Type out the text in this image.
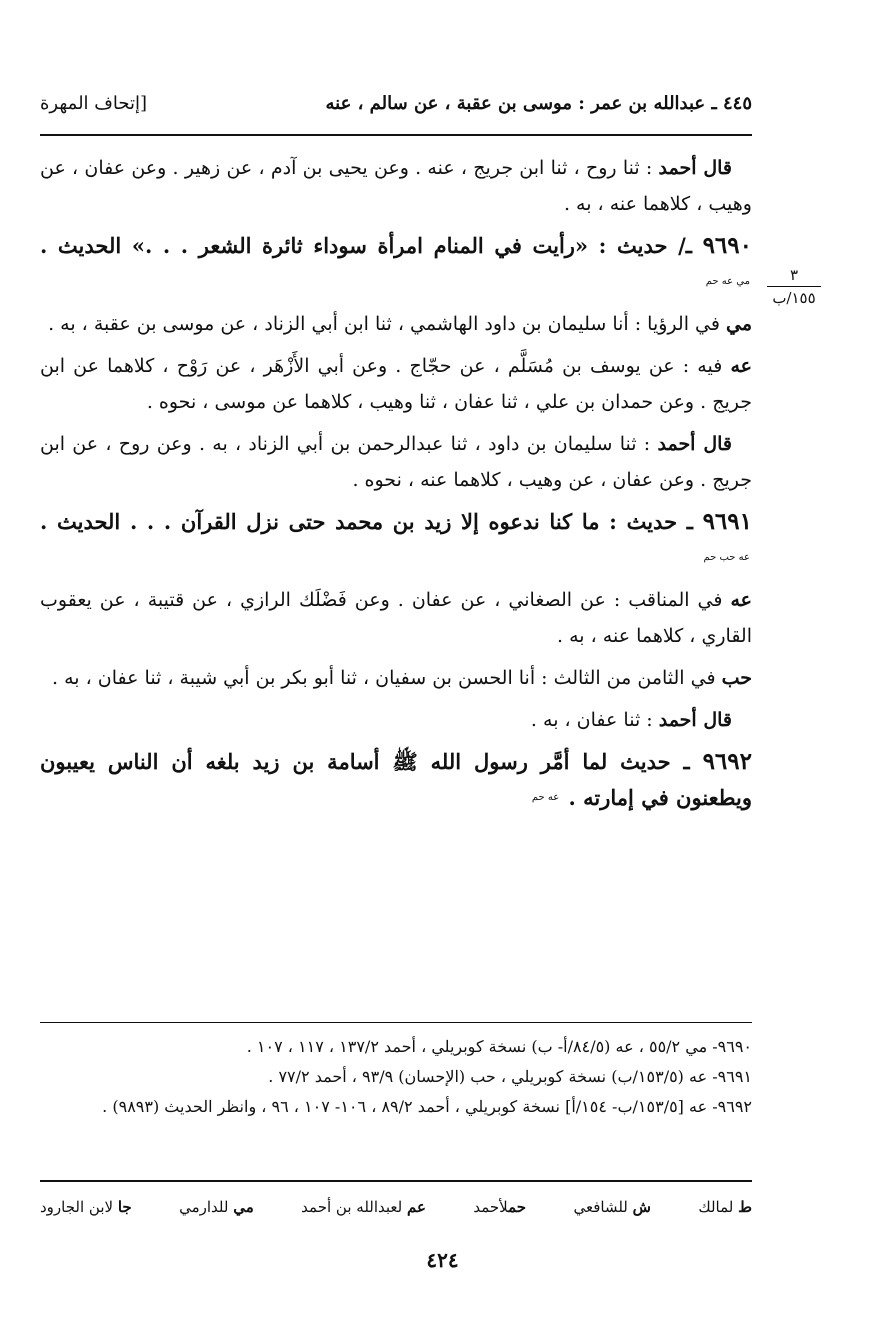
٤٤٥ ـ عبدالله بن عمر : موسى بن عقبة ، عن سالم ، عنه
[إتحاف المهرة
٣
١٥٥/ب

قال أحمد : ثنا روح ، ثنا ابن جريج ، عنه . وعن يحيى بن آدم ، عن زهير . وعن عفان ، عن وهيب ، كلاهما عنه ، به .

٩٦٩٠ ـ/ حديث : «رأيت في المنام امرأة سوداء ثائرة الشعر . . .» الحديث . مي عه حم

مي في الرؤيا : أنا سليمان بن داود الهاشمي ، ثنا ابن أبي الزناد ، عن موسى بن عقبة ، به .

عه فيه : عن يوسف بن مُسَلَّم ، عن حجّاج . وعن أبي الأَزْهَر ، عن رَوْح ، كلاهما عن ابن جريج . وعن حمدان بن علي ، ثنا عفان ، ثنا وهيب ، كلاهما عن موسى ، نحوه .

قال أحمد : ثنا سليمان بن داود ، ثنا عبدالرحمن بن أبي الزناد ، به . وعن روح ، عن ابن جريج . وعن عفان ، عن وهيب ، كلاهما عنه ، نحوه .

٩٦٩١ ـ حديث : ما كنا ندعوه إلا زيد بن محمد حتى نزل القرآن . . . الحديث . عه حب حم

عه في المناقب : عن الصغاني ، عن عفان . وعن فَضْلَك الرازي ، عن قتيبة ، عن يعقوب القاري ، كلاهما عنه ، به .

حب في الثامن من الثالث : أنا الحسن بن سفيان ، ثنا أبو بكر بن أبي شيبة ، ثنا عفان ، به .

قال أحمد : ثنا عفان ، به .

٩٦٩٢ ـ حديث لما أمَّر رسول الله ﷺ أسامة بن زيد بلغه أن الناس يعيبون ويطعنون في إمارته . عه حم

٩٦٩٠- مي ٥٥/٢ ، عه (٨٤/٥/أ- ب) نسخة كوبريلي ، أحمد ١٣٧/٢ ، ١١٧ ، ١٠٧ .
٩٦٩١- عه (١٥٣/٥/ب) نسخة كوبريلي ، حب (الإحسان) ٩٣/٩ ، أحمد ٧٧/٢ .
٩٦٩٢- عه [١٥٣/٥/ب- ١٥٤/أ] نسخة كوبريلي ، أحمد ٨٩/٢ ، ١٠٦- ١٠٧ ، ٩٦ ، وانظر الحديث (٩٨٩٣) .
ط لمالك
ش للشافعي
حملأحمد
عم لعبدالله بن أحمد
مي للدارمي
جا لابن الجارود
٤٢٤
